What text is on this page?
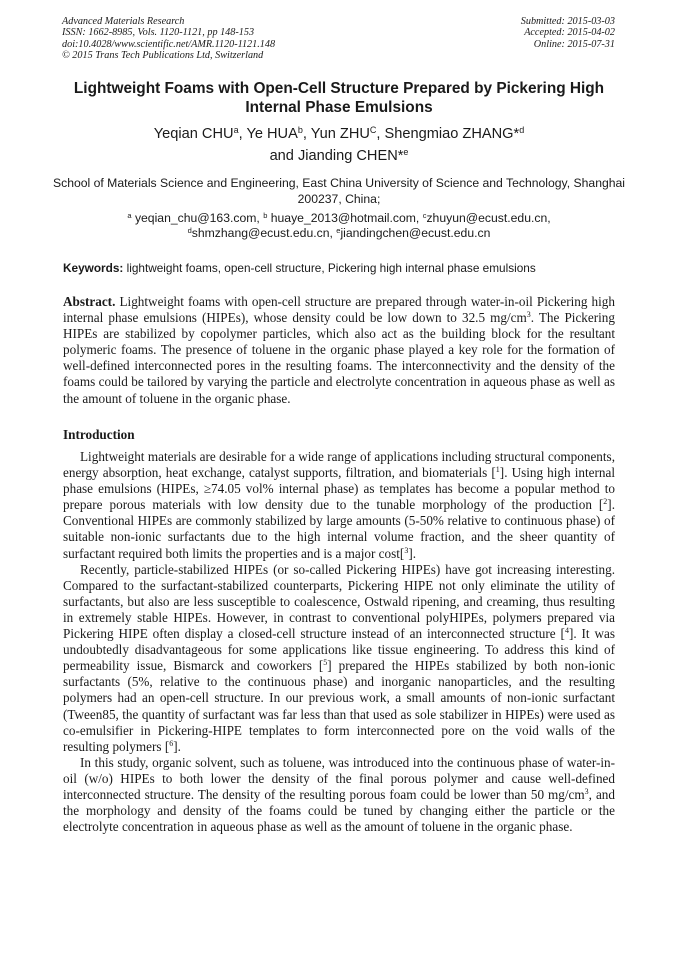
Advanced Materials Research
ISSN: 1662-8985, Vols. 1120-1121, pp 148-153
doi:10.4028/www.scientific.net/AMR.1120-1121.148
© 2015 Trans Tech Publications Ltd, Switzerland
Submitted: 2015-03-03
Accepted: 2015-04-02
Online: 2015-07-31
Lightweight Foams with Open-Cell Structure Prepared by Pickering High Internal Phase Emulsions
Yeqian CHU$^a$, Ye HUA$^b$, Yun $ZHU^C$, Shengmiao ZHANG*$^d$
and Jianding CHEN*$^e$
School of Materials Science and Engineering, East China University of Science and Technology, Shanghai 200237, China;
$^a$ yeqian_chu@163.com, $^b$ huaye_2013@hotmail.com, $^c$zhuyun@ecust.edu.cn,
$^d$shmzhang@ecust.edu.cn, $^e$jiandingchen@ecust.edu.cn
Keywords: lightweight foams, open-cell structure, Pickering high internal phase emulsions
Abstract. Lightweight foams with open-cell structure are prepared through water-in-oil Pickering high internal phase emulsions (HIPEs), whose density could be low down to 32.5 $mg/cm^3$. The Pickering HIPEs are stabilized by copolymer particles, which also act as the building block for the resultant polymeric foams. The presence of toluene in the organic phase played a key role for the formation of well-defined interconnected pores in the resulting foams. The interconnectivity and the density of the foams could be tailored by varying the particle and electrolyte concentration in aqueous phase as well as the amount of toluene in the organic phase.
Introduction

Lightweight materials are desirable for a wide range of applications including structural components, energy absorption, heat exchange, catalyst supports, filtration, and biomaterials [$^1$]. Using high internal phase emulsions (HIPEs, ≥74.05 vol% internal phase) as templates has become a popular method to prepare porous materials with low density due to the tunable morphology of the production [$^2$]. Conventional HIPEs are commonly stabilized by large amounts (5-50% relative to continuous phase) of suitable non-ionic surfactants due to the high internal volume fraction, and the sheer quantity of surfactant required both limits the properties and is a major cost[$^3$].

Recently, particle-stabilized HIPEs (or so-called Pickering HIPEs) have got increasing interesting. Compared to the surfactant-stabilized counterparts, Pickering HIPE not only eliminate the utility of surfactants, but also are less susceptible to coalescence, Ostwald ripening, and creaming, thus resulting in extremely stable HIPEs. However, in contrast to conventional polyHIPEs, polymers prepared via Pickering HIPE often display a closed-cell structure instead of an interconnected structure [$^4$]. It was undoubtedly disadvantageous for some applications like tissue engineering. To address this kind of permeability issue, Bismarck and coworkers [$^5$] prepared the HIPEs stabilized by both non-ionic surfactants (5%, relative to the continuous phase) and inorganic nanoparticles, and the resulting polymers had an open-cell structure. In our previous work, a small amounts of non-ionic surfactant (Tween85, the quantity of surfactant was far less than that used as sole stabilizer in HIPEs) were used as co-emulsifier in Pickering-HIPE templates to form interconnected pore on the void walls of the resulting polymers [$^6$].

In this study, organic solvent, such as toluene, was introduced into the continuous phase of water-in-oil (w/o) HIPEs to both lower the density of the final porous polymer and cause well-defined interconnected structure. The density of the resulting porous foam could be lower than 50 $mg/cm^3$, and the morphology and density of the foams could be tuned by changing either the particle or the electrolyte concentration in aqueous phase as well as the amount of toluene in the organic phase.
